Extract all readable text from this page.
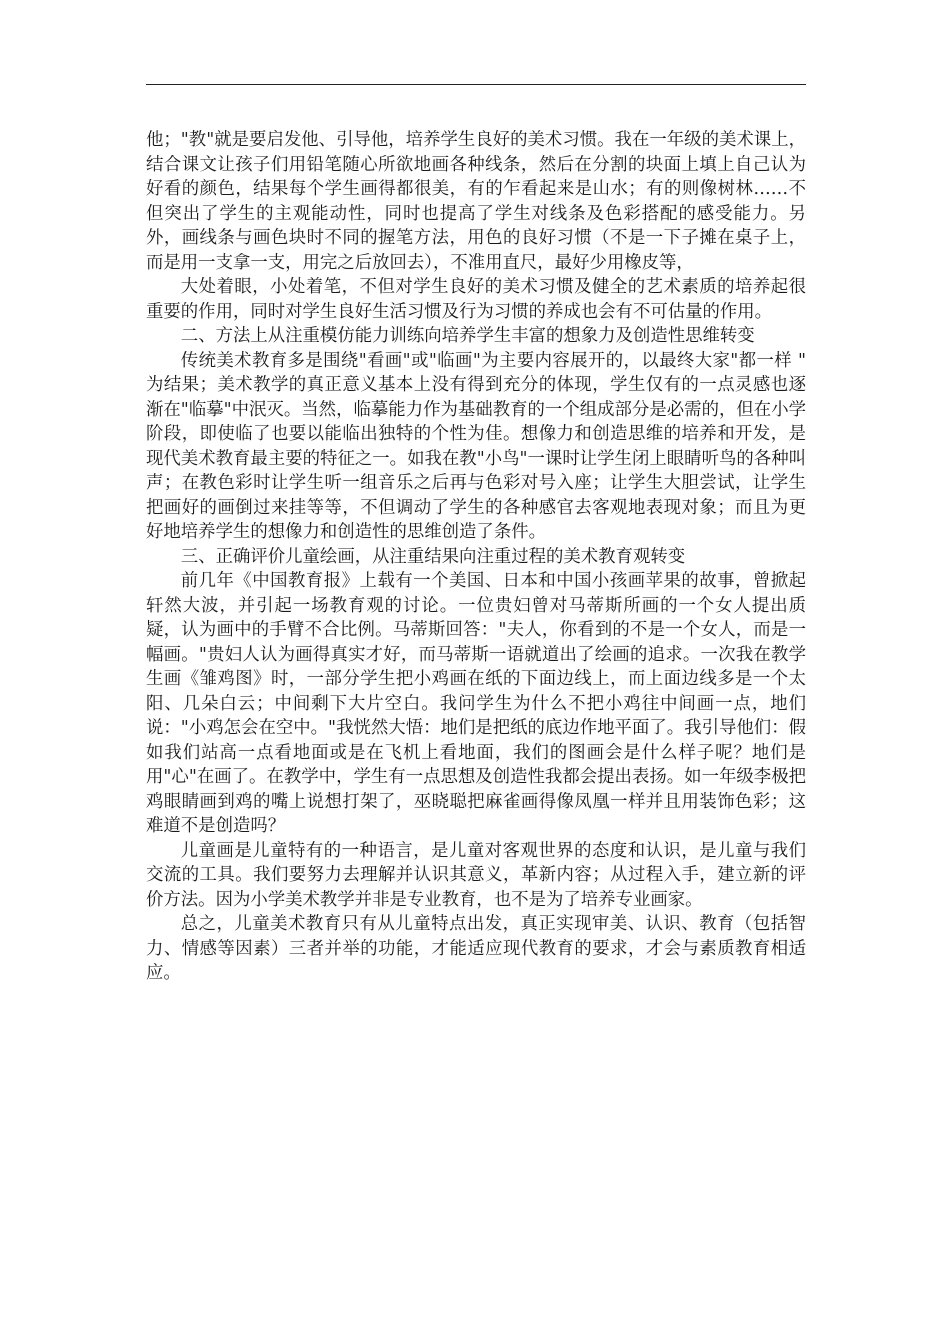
他；"教"就是要启发他、引导他，培养学生良好的美术习惯。我在一年级的美术课上，结合课文让孩子们用铅笔随心所欲地画各种线条，然后在分割的块面上填上自己认为好看的颜色，结果每个学生画得都很美，有的乍看起来是山水；有的则像树林……不但突出了学生的主观能动性，同时也提高了学生对线条及色彩搭配的感受能力。另外，画线条与画色块时不同的握笔方法，用色的良好习惯（不是一下子摊在桌子上，而是用一支拿一支，用完之后放回去），不准用直尺，最好少用橡皮等，

大处着眼，小处着笔，不但对学生良好的美术习惯及健全的艺术素质的培养起很重要的作用，同时对学生良好生活习惯及行为习惯的养成也会有不可估量的作用。

二、方法上从注重模仿能力训练向培养学生丰富的想象力及创造性思维转变

传统美术教育多是围绕"看画"或"临画"为主要内容展开的，以最终大家"都一样 " 为结果；美术教学的真正意义基本上没有得到充分的体现，学生仅有的一点灵感也逐渐在"临摹"中泯灭。当然，临摹能力作为基础教育的一个组成部分是必需的，但在小学阶段，即使临了也要以能临出独特的个性为佳。想像力和创造思维的培养和开发，是现代美术教育最主要的特征之一。如我在教"小鸟"一课时让学生闭上眼睛听鸟的各种叫声；在教色彩时让学生听一组音乐之后再与色彩对号入座；让学生大胆尝试，让学生把画好的画倒过来挂等等，不但调动了学生的各种感官去客观地表现对象；而且为更好地培养学生的想像力和创造性的思维创造了条件。

三、正确评价儿童绘画，从注重结果向注重过程的美术教育观转变

前几年《中国教育报》上载有一个美国、日本和中国小孩画苹果的故事，曾掀起轩然大波，并引起一场教育观的讨论。一位贵妇曾对马蒂斯所画的一个女人提出质疑，认为画中的手臂不合比例。马蒂斯回答："夫人，你看到的不是一个女人，而是一幅画。"贵妇人认为画得真实才好，而马蒂斯一语就道出了绘画的追求。一次我在教学生画《雏鸡图》时，一部分学生把小鸡画在纸的下面边线上，而上面边线多是一个太阳、几朵白云；中间剩下大片空白。我问学生为什么不把小鸡往中间画一点，地们说："小鸡怎会在空中。"我恍然大悟：地们是把纸的底边作地平面了。我引导他们：假如我们站高一点看地面或是在飞机上看地面，我们的图画会是什么样子呢？地们是用"心"在画了。在教学中，学生有一点思想及创造性我都会提出表扬。如一年级李极把鸡眼睛画到鸡的嘴上说想打架了，巫晓聪把麻雀画得像凤凰一样并且用装饰色彩；这难道不是创造吗？

儿童画是儿童特有的一种语言，是儿童对客观世界的态度和认识，是儿童与我们交流的工具。我们要努力去理解并认识其意义，革新内容；从过程入手，建立新的评价方法。因为小学美术教学并非是专业教育，也不是为了培养专业画家。

总之，儿童美术教育只有从儿童特点出发，真正实现审美、认识、教育（包括智力、情感等因素）三者并举的功能，才能适应现代教育的要求，才会与素质教育相适应。
